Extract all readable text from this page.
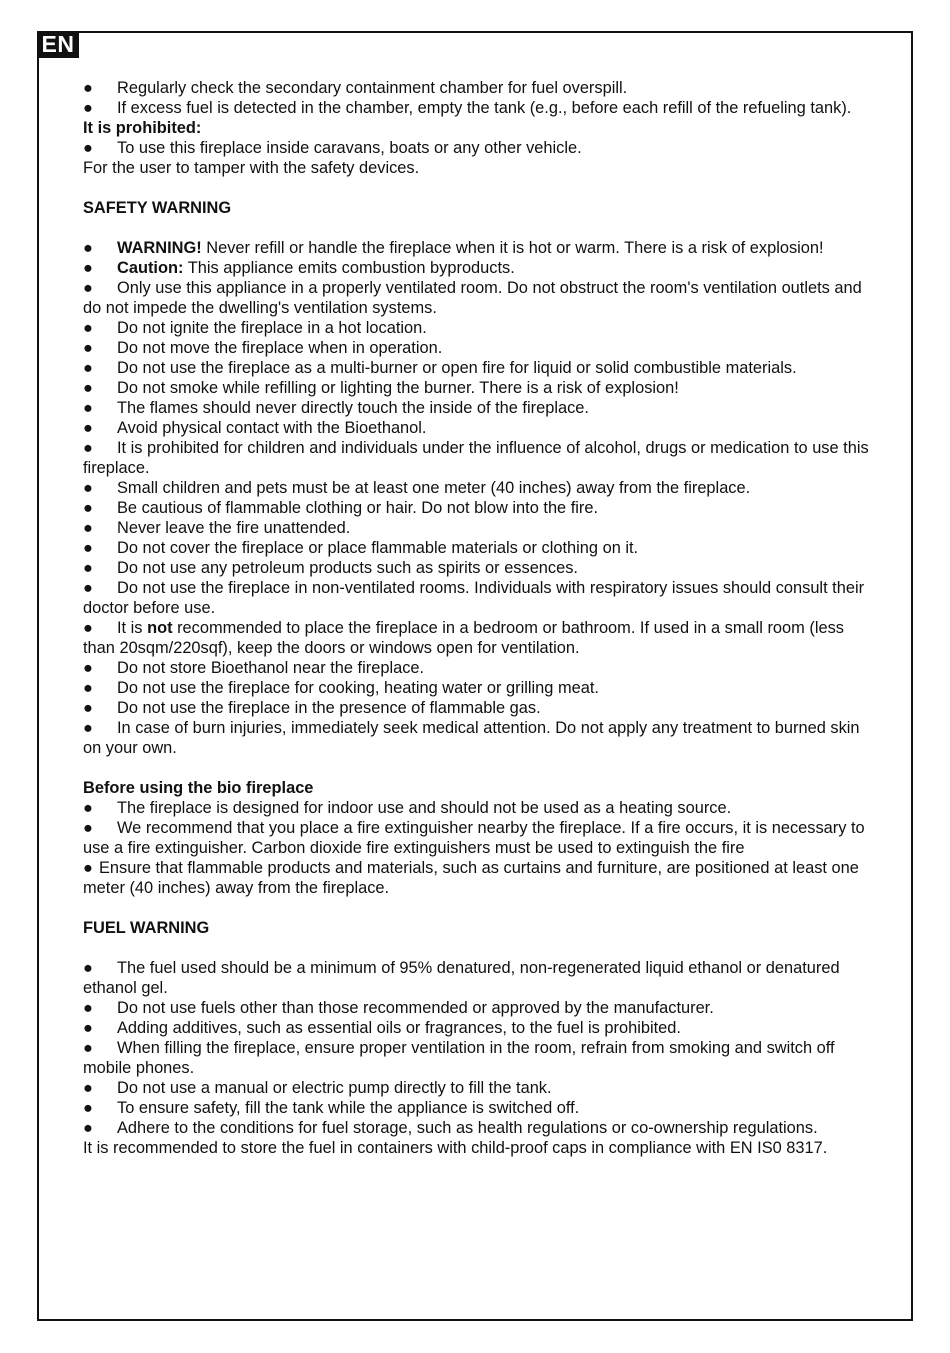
EN

● Regularly check the secondary containment chamber for fuel overspill.

● If excess fuel is detected in the chamber, empty the tank (e.g., before each refill of the refueling tank).

It is prohibited:

● To use this fireplace inside caravans, boats or any other vehicle.

For the user to tamper with the safety devices.

SAFETY WARNING

● WARNING! Never refill or handle the fireplace when it is hot or warm. There is a risk of explosion!

● Caution: This appliance emits combustion byproducts.

● Only use this appliance in a properly ventilated room. Do not obstruct the room's ventilation outlets and do not impede the dwelling's ventilation systems.

● Do not ignite the fireplace in a hot location.

● Do not move the fireplace when in operation.

● Do not use the fireplace as a multi-burner or open fire for liquid or solid combustible materials.

● Do not smoke while refilling or lighting the burner. There is a risk of explosion!

● The flames should never directly touch the inside of the fireplace.

● Avoid physical contact with the Bioethanol.

● It is prohibited for children and individuals under the influence of alcohol, drugs or medication to use this fireplace.

● Small children and pets must be at least one meter (40 inches) away from the fireplace.

● Be cautious of flammable clothing or hair. Do not blow into the fire.

● Never leave the fire unattended.

● Do not cover the fireplace or place flammable materials or clothing on it.

● Do not use any petroleum products such as spirits or essences.

● Do not use the fireplace in non-ventilated rooms. Individuals with respiratory issues should consult their doctor before use.

● It is not recommended to place the fireplace in a bedroom or bathroom. If used in a small room (less than 20sqm/220sqf), keep the doors or windows open for ventilation.

● Do not store Bioethanol near the fireplace.

● Do not use the fireplace for cooking, heating water or grilling meat.

● Do not use the fireplace in the presence of flammable gas.

● In case of burn injuries, immediately seek medical attention. Do not apply any treatment to burned skin on your own.

Before using the bio fireplace

● The fireplace is designed for indoor use and should not be used as a heating source.

● We recommend that you place a fire extinguisher nearby the fireplace. If a fire occurs, it is necessary to use a fire extinguisher. Carbon dioxide fire extinguishers must be used to extinguish the fire

● Ensure that flammable products and materials, such as curtains and furniture, are positioned at least one meter (40 inches) away from the fireplace.

FUEL WARNING

● The fuel used should be a minimum of 95% denatured, non-regenerated liquid ethanol or denatured ethanol gel.

● Do not use fuels other than those recommended or approved by the manufacturer.

● Adding additives, such as essential oils or fragrances, to the fuel is prohibited.

● When filling the fireplace, ensure proper ventilation in the room, refrain from smoking and switch off mobile phones.

● Do not use a manual or electric pump directly to fill the tank.

● To ensure safety, fill the tank while the appliance is switched off.

● Adhere to the conditions for fuel storage, such as health regulations or co-ownership regulations.

It is recommended to store the fuel in containers with child-proof caps in compliance with EN IS0 8317.
